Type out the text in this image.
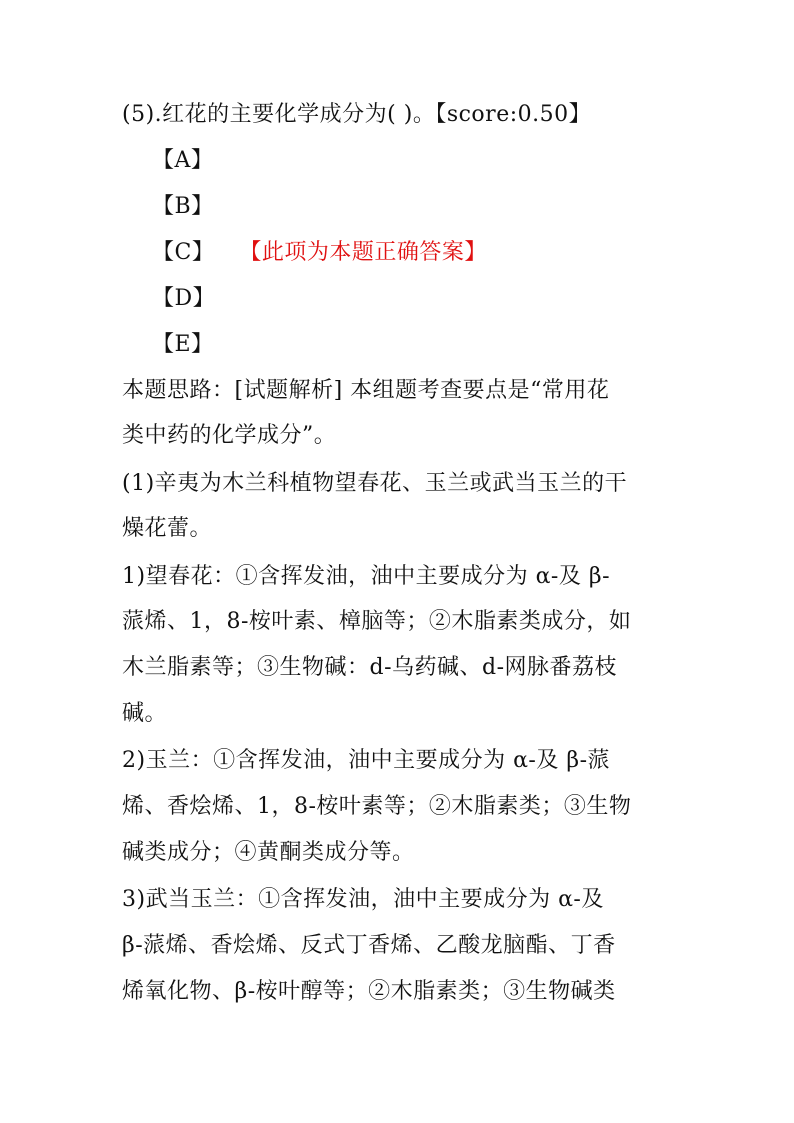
(5).红花的主要化学成分为( )。【score:0.50】
【A】
【B】
【C】 【此项为本题正确答案】
【D】
【E】
本题思路：[试题解析] 本组题考查要点是“常用花
类中药的化学成分”。
(1)辛夷为木兰科植物望春花、玉兰或武当玉兰的干
燥花蕾。
1)望春花：①含挥发油，油中主要成分为 α-及 β-
蒎烯、1，8-桉叶素、樟脑等；②木脂素类成分，如
木兰脂素等；③生物碱：d-乌药碱、d-网脉番荔枝
碱。
2)玉兰：①含挥发油，油中主要成分为 α-及 β-蒎
烯、香烩烯、1，8-桉叶素等；②木脂素类；③生物
碱类成分；④黄酮类成分等。
3)武当玉兰：①含挥发油，油中主要成分为 α-及
β-蒎烯、香烩烯、反式丁香烯、乙酸龙脑酯、丁香
烯氧化物、β-桉叶醇等；②木脂素类；③生物碱类
